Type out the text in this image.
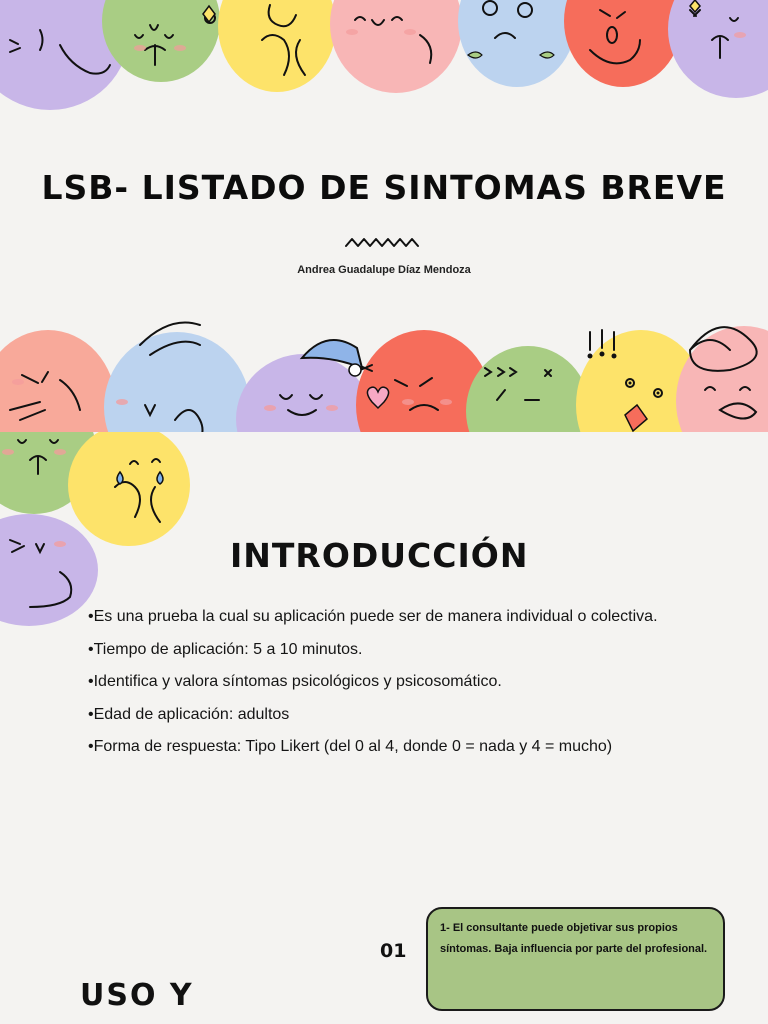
LSB- LISTADO DE SINTOMAS BREVE
Andrea Guadalupe Díaz Mendoza
INTRODUCCIÓN
•Es una prueba la cual su aplicación puede ser de manera individual o colectiva.
•Tiempo de aplicación: 5 a 10 minutos.
•Identifica y valora síntomas psicológicos y psicosomático.
•Edad de aplicación: adultos
•Forma de respuesta: Tipo Likert (del 0 al 4, donde 0 = nada y 4 = mucho)
01
1- El consultante puede objetivar sus propios síntomas. Baja influencia por parte del profesional.
USO Y
